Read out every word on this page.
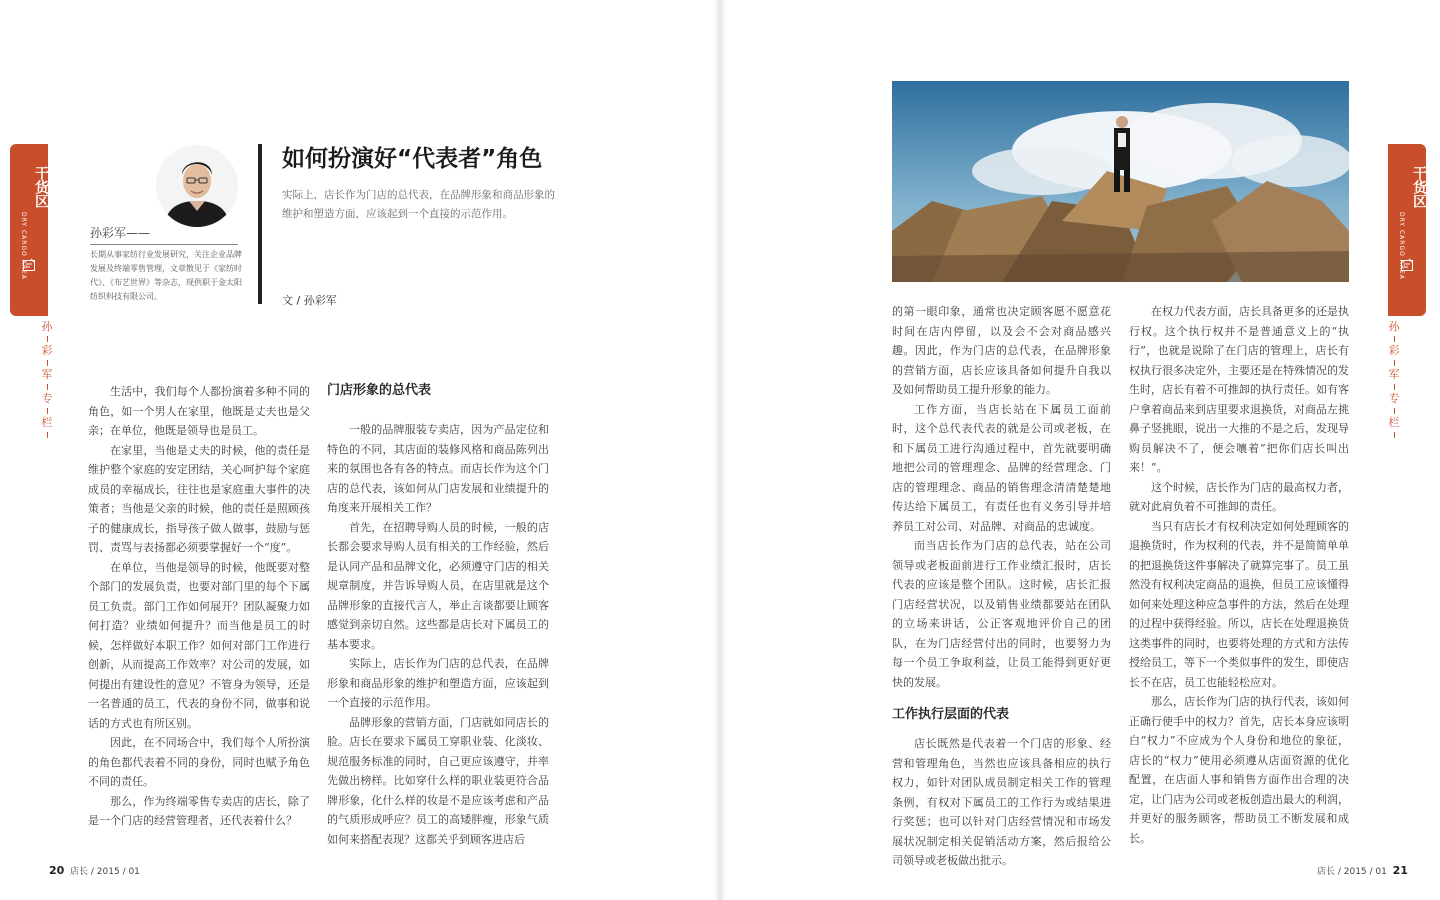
干货区
DRY CARGO AREA
孙
彩
军
专
栏
孙彩军——
长期从事家纺行业发展研究，关注企业品牌发展及终端零售管理，文章散见于《家纺时代》、《布艺世界》等杂志，现供职于金太阳纺织科技有限公司。
如何扮演好“代表者”角色

实际上，店长作为门店的总代表，在品牌形象和商品形象的维护和塑造方面，应该起到一个直接的示范作用。

文 / 孙彩军

生活中，我们每个人都扮演着多种不同的角色，如一个男人在家里，他既是丈夫也是父亲；在单位，他既是领导也是员工。

在家里，当他是丈夫的时候，他的责任是维护整个家庭的安定团结，关心呵护每个家庭成员的幸福成长，往往也是家庭重大事件的决策者；当他是父亲的时候，他的责任是照顾孩子的健康成长，指导孩子做人做事，鼓励与惩罚、责骂与表扬都必须要掌握好一个“度”。

在单位，当他是领导的时候，他既要对整个部门的发展负责，也要对部门里的每个下属员工负责。部门工作如何展开？团队凝聚力如何打造？业绩如何提升？而当他是员工的时候，怎样做好本职工作？如何对部门工作进行创新，从而提高工作效率？对公司的发展，如何提出有建设性的意见？不管身为领导，还是一名普通的员工，代表的身份不同，做事和说话的方式也有所区别。

因此，在不同场合中，我们每个人所扮演的角色都代表着不同的身份，同时也赋予角色不同的责任。

那么，作为终端零售专卖店的店长，除了是一个门店的经营管理者，还代表着什么？

门店形象的总代表

一般的品牌服装专卖店，因为产品定位和特色的不同，其店面的装修风格和商品陈列出来的氛围也各有各的特点。而店长作为这个门店的总代表，该如何从门店发展和业绩提升的角度来开展相关工作？

首先，在招聘导购人员的时候，一般的店长都会要求导购人员有相关的工作经验，然后是认同产品和品牌文化，必须遵守门店的相关规章制度，并告诉导购人员，在店里就是这个品牌形象的直接代言人，举止言谈都要让顾客感觉到亲切自然。这些都是店长对下属员工的基本要求。

实际上，店长作为门店的总代表，在品牌形象和商品形象的维护和塑造方面，应该起到一个直接的示范作用。

品牌形象的营销方面，门店就如同店长的脸。店长在要求下属员工穿职业装、化淡妆、规范服务标准的同时，自己更应该遵守，并率先做出榜样。比如穿什么样的职业装更符合品牌形象，化什么样的妆是不是应该考虑和产品的气质形成呼应？员工的高矮胖瘦，形象气质如何来搭配表现？这都关乎到顾客进店后

20 店长 / 2015 / 01

的第一眼印象，通常也决定顾客愿不愿意花时间在店内停留，以及会不会对商品感兴趣。因此，作为门店的总代表，在品牌形象的营销方面，店长应该具备如何提升自我以及如何帮助员工提升形象的能力。

工作方面，当店长站在下属员工面前时，这个总代表代表的就是公司或老板，在和下属员工进行沟通过程中，首先就要明确地把公司的管理理念、品牌的经营理念、门店的管理理念、商品的销售理念清清楚楚地传达给下属员工，有责任也有义务引导并培养员工对公司、对品牌、对商品的忠诚度。

而当店长作为门店的总代表，站在公司领导或老板面前进行工作业绩汇报时，店长代表的应该是整个团队。这时候，店长汇报门店经营状况，以及销售业绩都要站在团队的立场来讲话，公正客观地评价自己的团队，在为门店经营付出的同时，也要努力为每一个员工争取利益，让员工能得到更好更快的发展。

工作执行层面的代表

店长既然是代表着一个门店的形象、经营和管理角色，当然也应该具备相应的执行权力，如针对团队成员制定相关工作的管理条例，有权对下属员工的工作行为或结果进行奖惩；也可以针对门店经营情况和市场发展状况制定相关促销活动方案，然后报给公司领导或老板做出批示。

在权力代表方面，店长具备更多的还是执行权。这个执行权并不是普通意义上的“执行”，也就是说除了在门店的管理上，店长有权执行很多决定外，主要还是在特殊情况的发生时，店长有着不可推卸的执行责任。如有客户拿着商品来到店里要求退换货，对商品左挑鼻子竖挑眼，说出一大推的不是之后，发现导购员解决不了，便会嚷着“把你们店长叫出来！”。

这个时候，店长作为门店的最高权力者，就对此肩负着不可推卸的责任。

当只有店长才有权利决定如何处理顾客的退换货时，作为权利的代表，并不是简简单单的把退换货这件事解决了就算完事了。员工虽然没有权利决定商品的退换，但员工应该懂得如何来处理这种应急事件的方法，然后在处理的过程中获得经验。所以，店长在处理退换货这类事件的同时，也要将处理的方式和方法传授给员工，等下一个类似事件的发生，即使店长不在店，员工也能轻松应对。

那么，店长作为门店的执行代表，该如何正确行使手中的权力？首先，店长本身应该明白“权力”不应成为个人身份和地位的象征，店长的“权力”使用必须遵从店面资源的优化配置，在店面人事和销售方面作出合理的决定，让门店为公司或老板创造出最大的利润，并更好的服务顾客，帮助员工不断发展和成长。

干货区
DRY CARGO AREA
孙
彩
军
专
栏
店长 / 2015 / 01 21
